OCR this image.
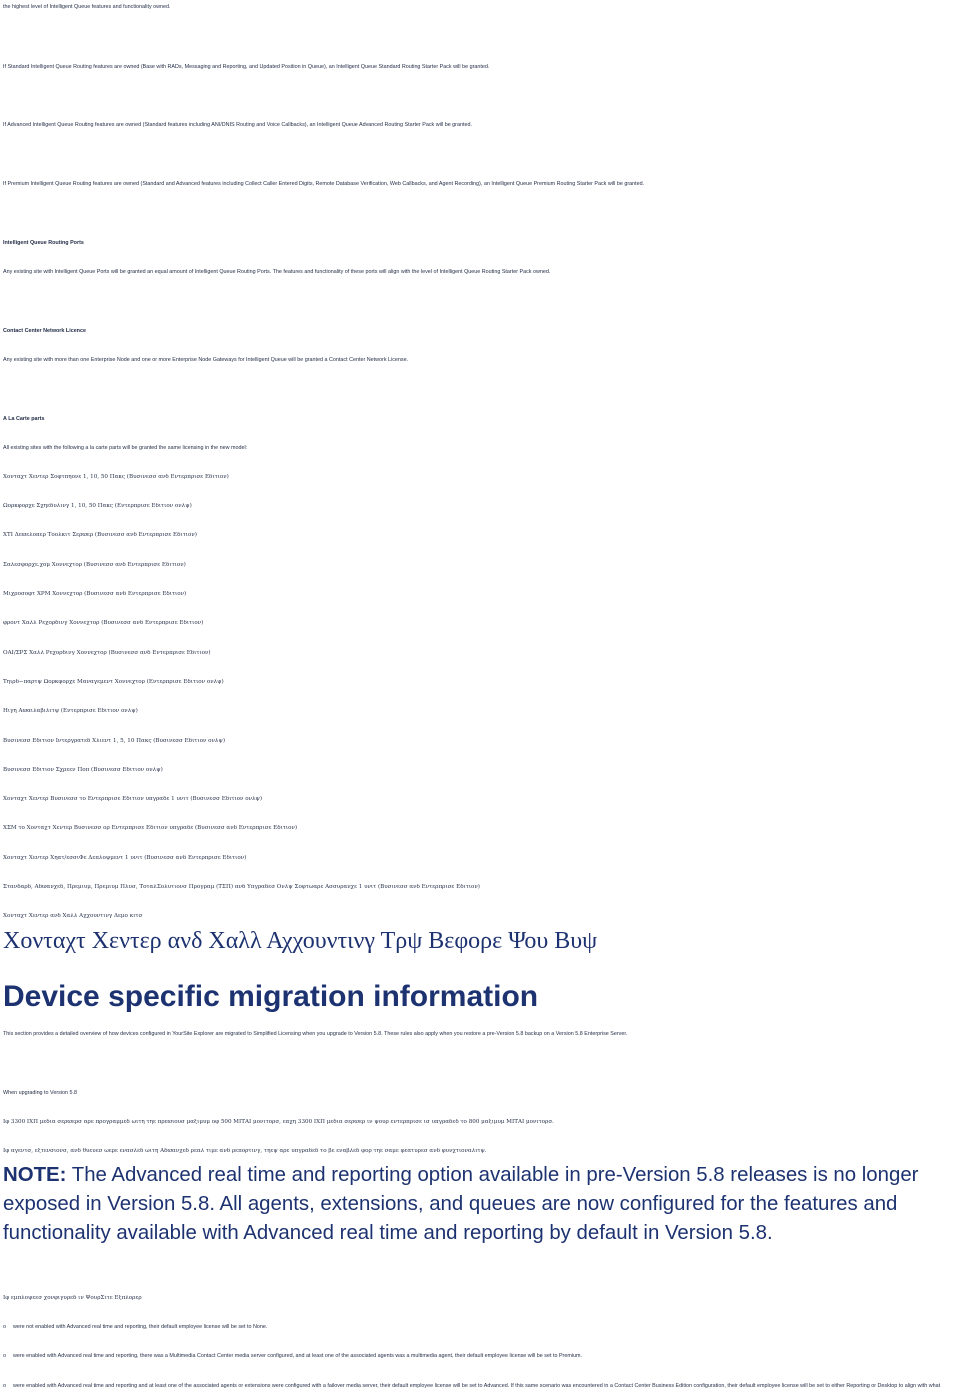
the highest level of Intelligent Queue features and functionality owned.

If Standard Intelligent Queue Routing features are owned (Base with RADs, Messaging and Reporting, and Updated Position in Queue), an Intelligent Queue Standard Routing Starter Pack will be granted.

If Advanced Intelligent Queue Routing features are owned (Standard features including ANI/DNIS Routing and Voice Callbacks), an Intelligent Queue Advanced Routing Starter Pack will be granted.

If Premium Intelligent Queue Routing features are owned (Standard and Advanced features including Collect Caller Entered Digits, Remote Database Verification, Web Callbacks, and Agent Recording), an Intelligent Queue Premium Routing Starter Pack will be granted.

Intelligent Queue Routing Ports

Any existing site with Intelligent Queue Ports will be granted an equal amount of Intelligent Queue Routing Ports. The features and functionality of these ports will align with the level of Intelligent Queue Routing Starter Pack owned.

Contact Center Network Licence

Any existing site with more than one Enterprise Node and one or more Enterprise Node Gateways for Intelligent Queue will be granted a Contact Center Network License.

A La Carte parts

All existing sites with the following a la carte parts will be granted the same licensing in the new model:

Χονταχτ Χεντερ Σοφτπηονε 1, 10, 50 Πακς (Βυσινεσσ ανδ Εντερπρισε Εδιτιον)

Ωορκφορχε Σχηεδυλινγ 1, 10, 50 Πακς (Εντερπρισε Εδιτιον ονλψ)

ΧΤΙ Δεϖελοπερ Τοολκιτ Σερϖερ (Βυσινεσσ ανδ Εντερπρισε Εδιτιον)

Σαλεσφορχε.χομ Χοννεχτορ (Βυσινεσσ ανδ Εντερπρισε Εδιτιον)

Μιχροσοφτ ΧΡΜ Χοννεχτορ (Βυσινεσσ ανδ Εντερπρισε Εδιτιον)

φροντ Χαλλ Ρεχορδινγ Χοννεχτορ (Βυσινεσσ ανδ Εντερπρισε Εδιτιον)

ΟΑΙ/ΣΡΣ Χαλλ Ρεχορδινγ Χοννεχτορ (Βυσινεσσ ανδ Εντερπρισε Εδιτιον)

Τηιρδ−παρτψ Ωορκφορχε Μαναγεμεντ Χοννεχτορ (Εντερπρισε Εδιτιον ονλψ)

Ηιγη Αϖαιλαβιλιτψ (Εντερπρισε Εδιτιον ονλψ)

Βυσινεσσ Εδιτιον Ιντεργρατεδ Χλιεντ 1, 5, 10 Πακς (Βυσινεσσ Εδιτιον ονλψ)

Βυσινεσσ Εδιτιον Σχρεεν Ποπ (Βυσινεσσ Εδιτιον ονλψ)

Χονταχτ Χεντερ Βυσινεσσ το Εντερπρισε Εδιτιον υπγραδε 1 υνιτ (Βυσινεσσ Εδιτιον ονλψ)

ΧΣΜ το Χονταχτ Χεντερ Βυσινεσσ ορ Εντερπρισε Εδιτιον υπγραδε (Βυσινεσσ ανδ Εντερπρισε Εδιτιον)

Χονταχτ Χεντερ Χηατ/εσσιΦε Δεπλοψμεντ 1 υνιτ (Βυσινεσσ ανδ Εντερπρισε Εδιτιον)

Στανδαρδ, Αδϖανχεδ, Πρεμιυμ, Πρεμιυμ Πλυσ, ΤοταλΣολυτιονσ Προγραμ (ΤΣΠ) ανδ Υπγραδεσ Ονλψ Σοφτωαρε Ασσυρανχε 1 υνιτ (Βυσινεσσ ανδ Εντερπρισε Εδιτιον)

Χονταχτ Χεντερ ανδ Χαλλ Αχχουντινγ Δεμο κιτσ

Χονταχτ Χεντερ ανδ Χαλλ Αχχουντινγ Τρψ Βεφορε Ψου Βυψ

Device specific migration information

This section provides a detailed overview of how devices configured in YourSite Explorer are migrated to Simplified Licensing when you upgrade to Version 5.8. These rules also apply when you restore a pre-Version 5.8 backup on a Version 5.8 Enterprise Server.

When upgrading to Version 5.8

Ιφ 3300 ΙΧΠ μεδια σερϖερσ αρε προγραμμεδ ωιτη τηε πρεϖιουσ μαξιμυμ οφ 500 ΜΙΤΑΙ μονιτορσ, εαχη 3300 ΙΧΠ μεδια σερϖερ ιν ψουρ εντερπρισε ισ υπγραδεδ το 800 μαξιμυμ ΜΙΤΑΙ μονιτορσ.

Ιφ αγεντσ, εξτενσιονσ, ανδ θυευεσ ωερε ενασλεδ ωιτη Αδϖανχεδ ρεαλ τιμε ανδ ρεπορτινγ, τηεψ αρε υπγραδεδ το βε εναβλεδ φορ τηε σαμε φεατυρεσ ανδ φυνχτιοναλιτψ.

NOTE: The Advanced real time and reporting option available in pre-Version 5.8 releases is no longer exposed in Version 5.8. All agents, extensions, and queues are now configured for the features and functionality available with Advanced real time and reporting by default in Version 5.8.

Ιφ εμπλοψεεσ χονφιγυρεδ ιν ΨουρΣιτε Εξπλορερ

o were not enabled with Advanced real time and reporting, their default employee license will be set to None.

o were enabled with Advanced real time and reporting, there was a Multimedia Contact Center media server configured, and at least one of the associated agents was a multimedia agent, their default employee license will be set to Premium.

o were enabled with Advanced real time and reporting and at least one of the associated agents or extensions were configured with a failover media server, their default employee license will be set to Advanced. If this same scenario was encountered in a Contact Center Business Edition configuration, their default employee license will be set to either Reporting or Desktop to align with what
